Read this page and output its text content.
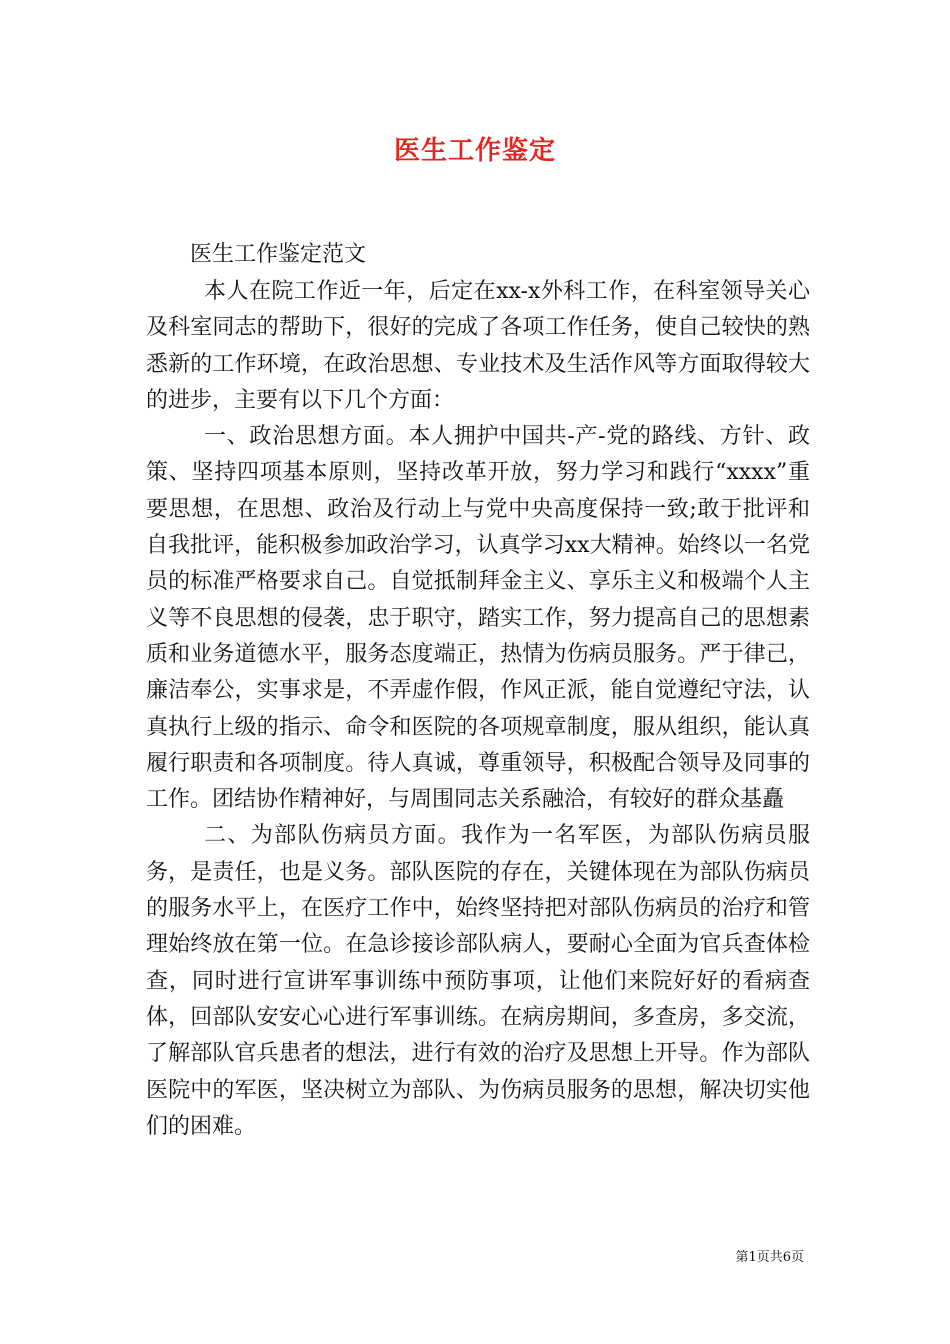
医生工作鉴定

医生工作鉴定范文

本人在院工作近一年，后定在xx-x外科工作，在科室领导关心及科室同志的帮助下，很好的完成了各项工作任务，使自己较快的熟悉新的工作环境，在政治思想、专业技术及生活作风等方面取得较大的进步，主要有以下几个方面：

一、政治思想方面。本人拥护中国共-产-党的路线、方针、政策、坚持四项基本原则，坚持改革开放，努力学习和践行“xxxx”重要思想，在思想、政治及行动上与党中央高度保持一致;敢于批评和自我批评，能积极参加政治学习，认真学习xx大精神。始终以一名党员的标准严格要求自己。自觉抵制拜金主义、享乐主义和极端个人主义等不良思想的侵袭，忠于职守，踏实工作，努力提高自己的思想素质和业务道德水平，服务态度端正，热情为伤病员服务。严于律己，廉洁奉公，实事求是，不弄虚作假，作风正派，能自觉遵纪守法，认真执行上级的指示、命令和医院的各项规章制度，服从组织，能认真履行职责和各项制度。待人真诚，尊重领导，积极配合领导及同事的工作。团结协作精神好，与周围同志关系融洽，有较好的群众基矗

二、为部队伤病员方面。我作为一名军医，为部队伤病员服务，是责任，也是义务。部队医院的存在，关键体现在为部队伤病员的服务水平上，在医疗工作中，始终坚持把对部队伤病员的治疗和管理始终放在第一位。在急诊接诊部队病人，要耐心全面为官兵查体检查，同时进行宣讲军事训练中预防事项，让他们来院好好的看病查体，回部队安安心心进行军事训练。在病房期间，多查房，多交流，了解部队官兵患者的想法，进行有效的治疗及思想上开导。作为部队医院中的军医，坚决树立为部队、为伤病员服务的思想，解决切实他们的困难。

第1页共6页
